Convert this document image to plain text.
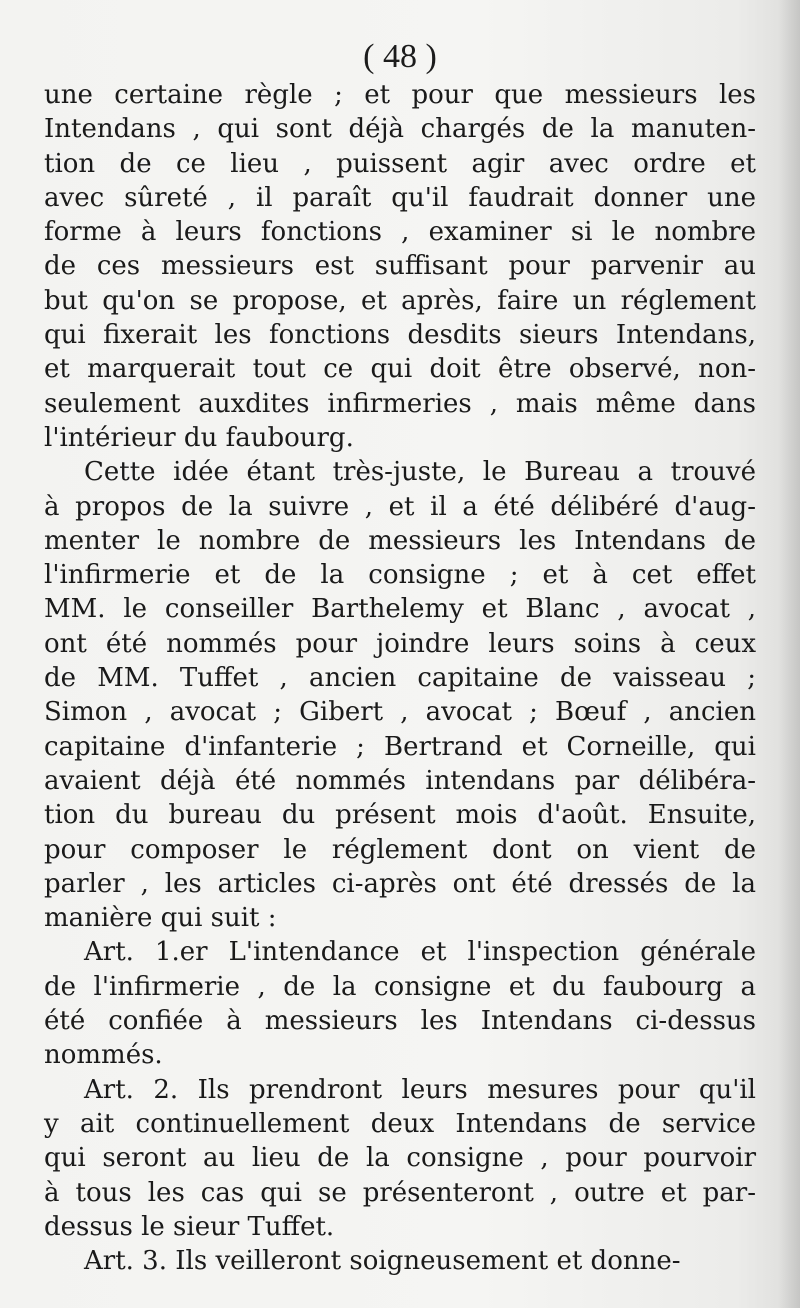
( 48 )
une certaine règle ; et pour que messieurs les
Intendans , qui sont déjà chargés de la manuten-
tion de ce lieu , puissent agir avec ordre et
avec sûreté , il paraît qu'il faudrait donner une
forme à leurs fonctions , examiner si le nombre
de ces messieurs est suffisant pour parvenir au
but qu'on se propose, et après, faire un réglement
qui fixerait les fonctions desdits sieurs Intendans,
et marquerait tout ce qui doit être observé, non-
seulement auxdites infirmeries , mais même dans
l'intérieur du faubourg.
Cette idée étant très-juste, le Bureau a trouvé
à propos de la suivre , et il a été délibéré d'aug-
menter le nombre de messieurs les Intendans de
l'infirmerie et de la consigne ; et à cet effet
MM. le conseiller Barthelemy et Blanc , avocat ,
ont été nommés pour joindre leurs soins à ceux
de MM. Tuffet , ancien capitaine de vaisseau ;
Simon , avocat ; Gibert , avocat ; Bœuf , ancien
capitaine d'infanterie ; Bertrand et Corneille, qui
avaient déjà été nommés intendans par délibéra-
tion du bureau du présent mois d'août. Ensuite,
pour composer le réglement dont on vient de
parler , les articles ci-après ont été dressés de la
manière qui suit :
Art. 1.er L'intendance et l'inspection générale
de l'infirmerie , de la consigne et du faubourg a
été confiée à messieurs les Intendans ci-dessus
nommés.
Art. 2. Ils prendront leurs mesures pour qu'il
y ait continuellement deux Intendans de service
qui seront au lieu de la consigne , pour pourvoir
à tous les cas qui se présenteront , outre et par-
dessus le sieur Tuffet.
Art. 3. Ils veilleront soigneusement et donne-
